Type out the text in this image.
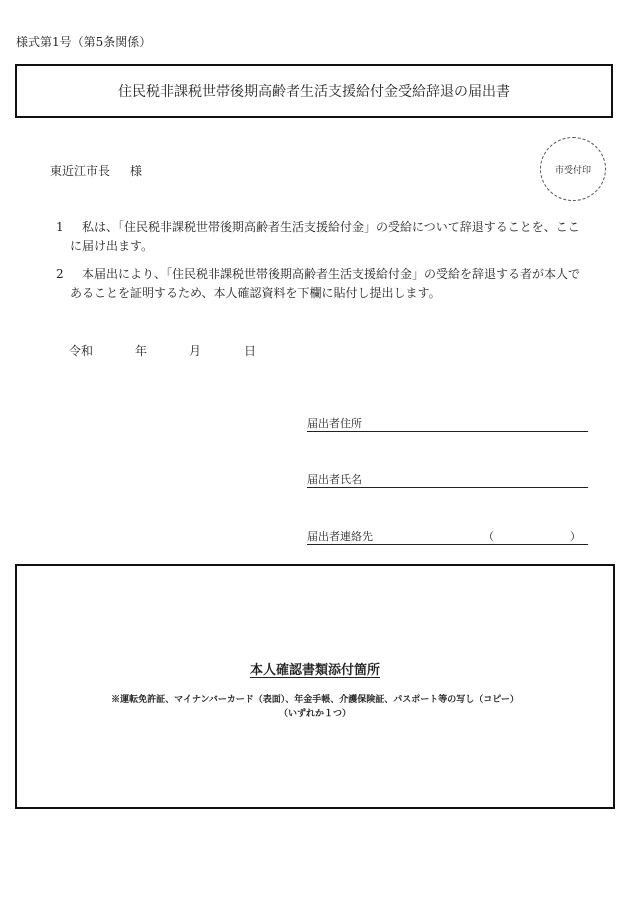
様式第1号（第5条関係）
住民税非課税世帯後期高齢者生活支援給付金受給辞退の届出書
東近江市長 様	市受付印
1	私は、「住民税非課税世帯後期高齢者生活支援給付金」の受給について辞退することを、ここに届け出ます。
2	本届出により、「住民税非課税世帯後期高齢者生活支援給付金」の受給を辞退する者が本人であることを証明するため、本人確認資料を下欄に貼付し提出します。
令和	年	月	日
届出者住所
届出者氏名
届出者連絡先	（	）
本人確認書類添付箇所
※運転免許証、マイナンバーカード（表面）、年金手帳、介護保険証、パスポート等の写し（コピー）
（いずれか１つ）
